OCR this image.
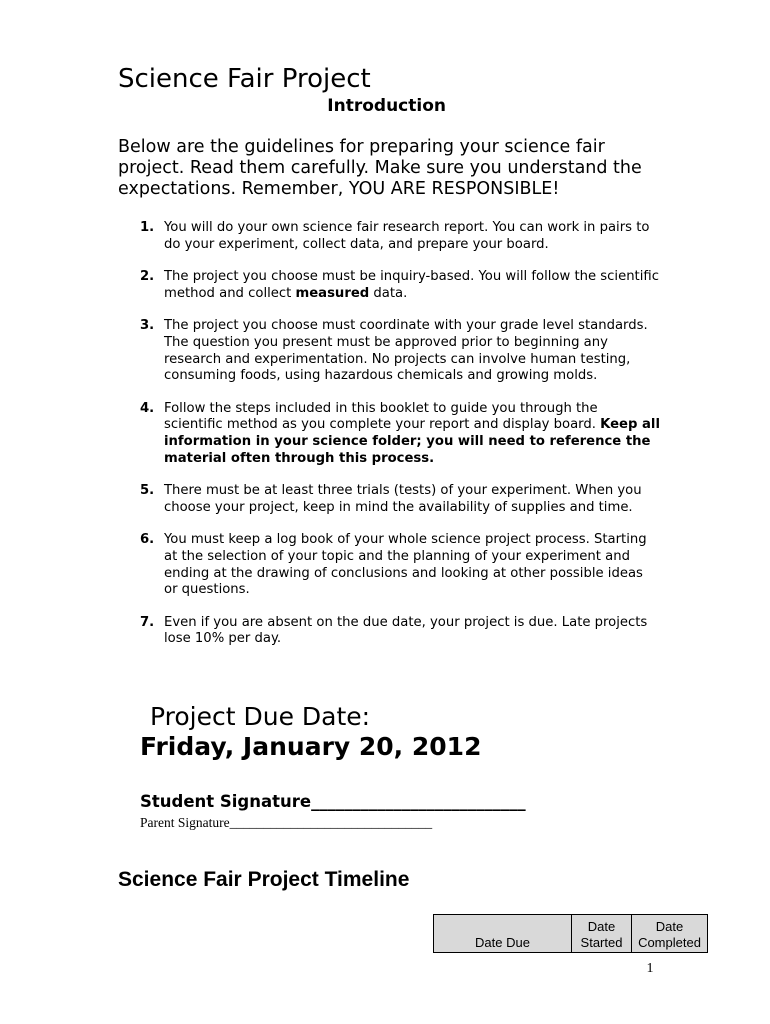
Science Fair Project
Introduction

Below are the guidelines for preparing your science fair project. Read them carefully. Make sure you understand the expectations. Remember, YOU ARE RESPONSIBLE!

1. You will do your own science fair research report. You can work in pairs to do your experiment, collect data, and prepare your board.
2. The project you choose must be inquiry-based. You will follow the scientific method and collect measured data.
3. The project you choose must coordinate with your grade level standards. The question you present must be approved prior to beginning any research and experimentation. No projects can involve human testing, consuming foods, using hazardous chemicals and growing molds.
4. Follow the steps included in this booklet to guide you through the scientific method as you complete your report and display board. Keep all information in your science folder; you will need to reference the material often through this process.
5. There must be at least three trials (tests) of your experiment. When you choose your project, keep in mind the availability of supplies and time.
6. You must keep a log book of your whole science project process. Starting at the selection of your topic and the planning of your experiment and ending at the drawing of conclusions and looking at other possible ideas or questions.
7. Even if you are absent on the due date, your project is due. Late projects lose 10% per day.
Project Due Date:
Friday, January 20, 2012
Student Signature__________________________
Parent Signature______________________________
Science Fair Project Timeline
Date Due	Date Started	Date Completed
1
